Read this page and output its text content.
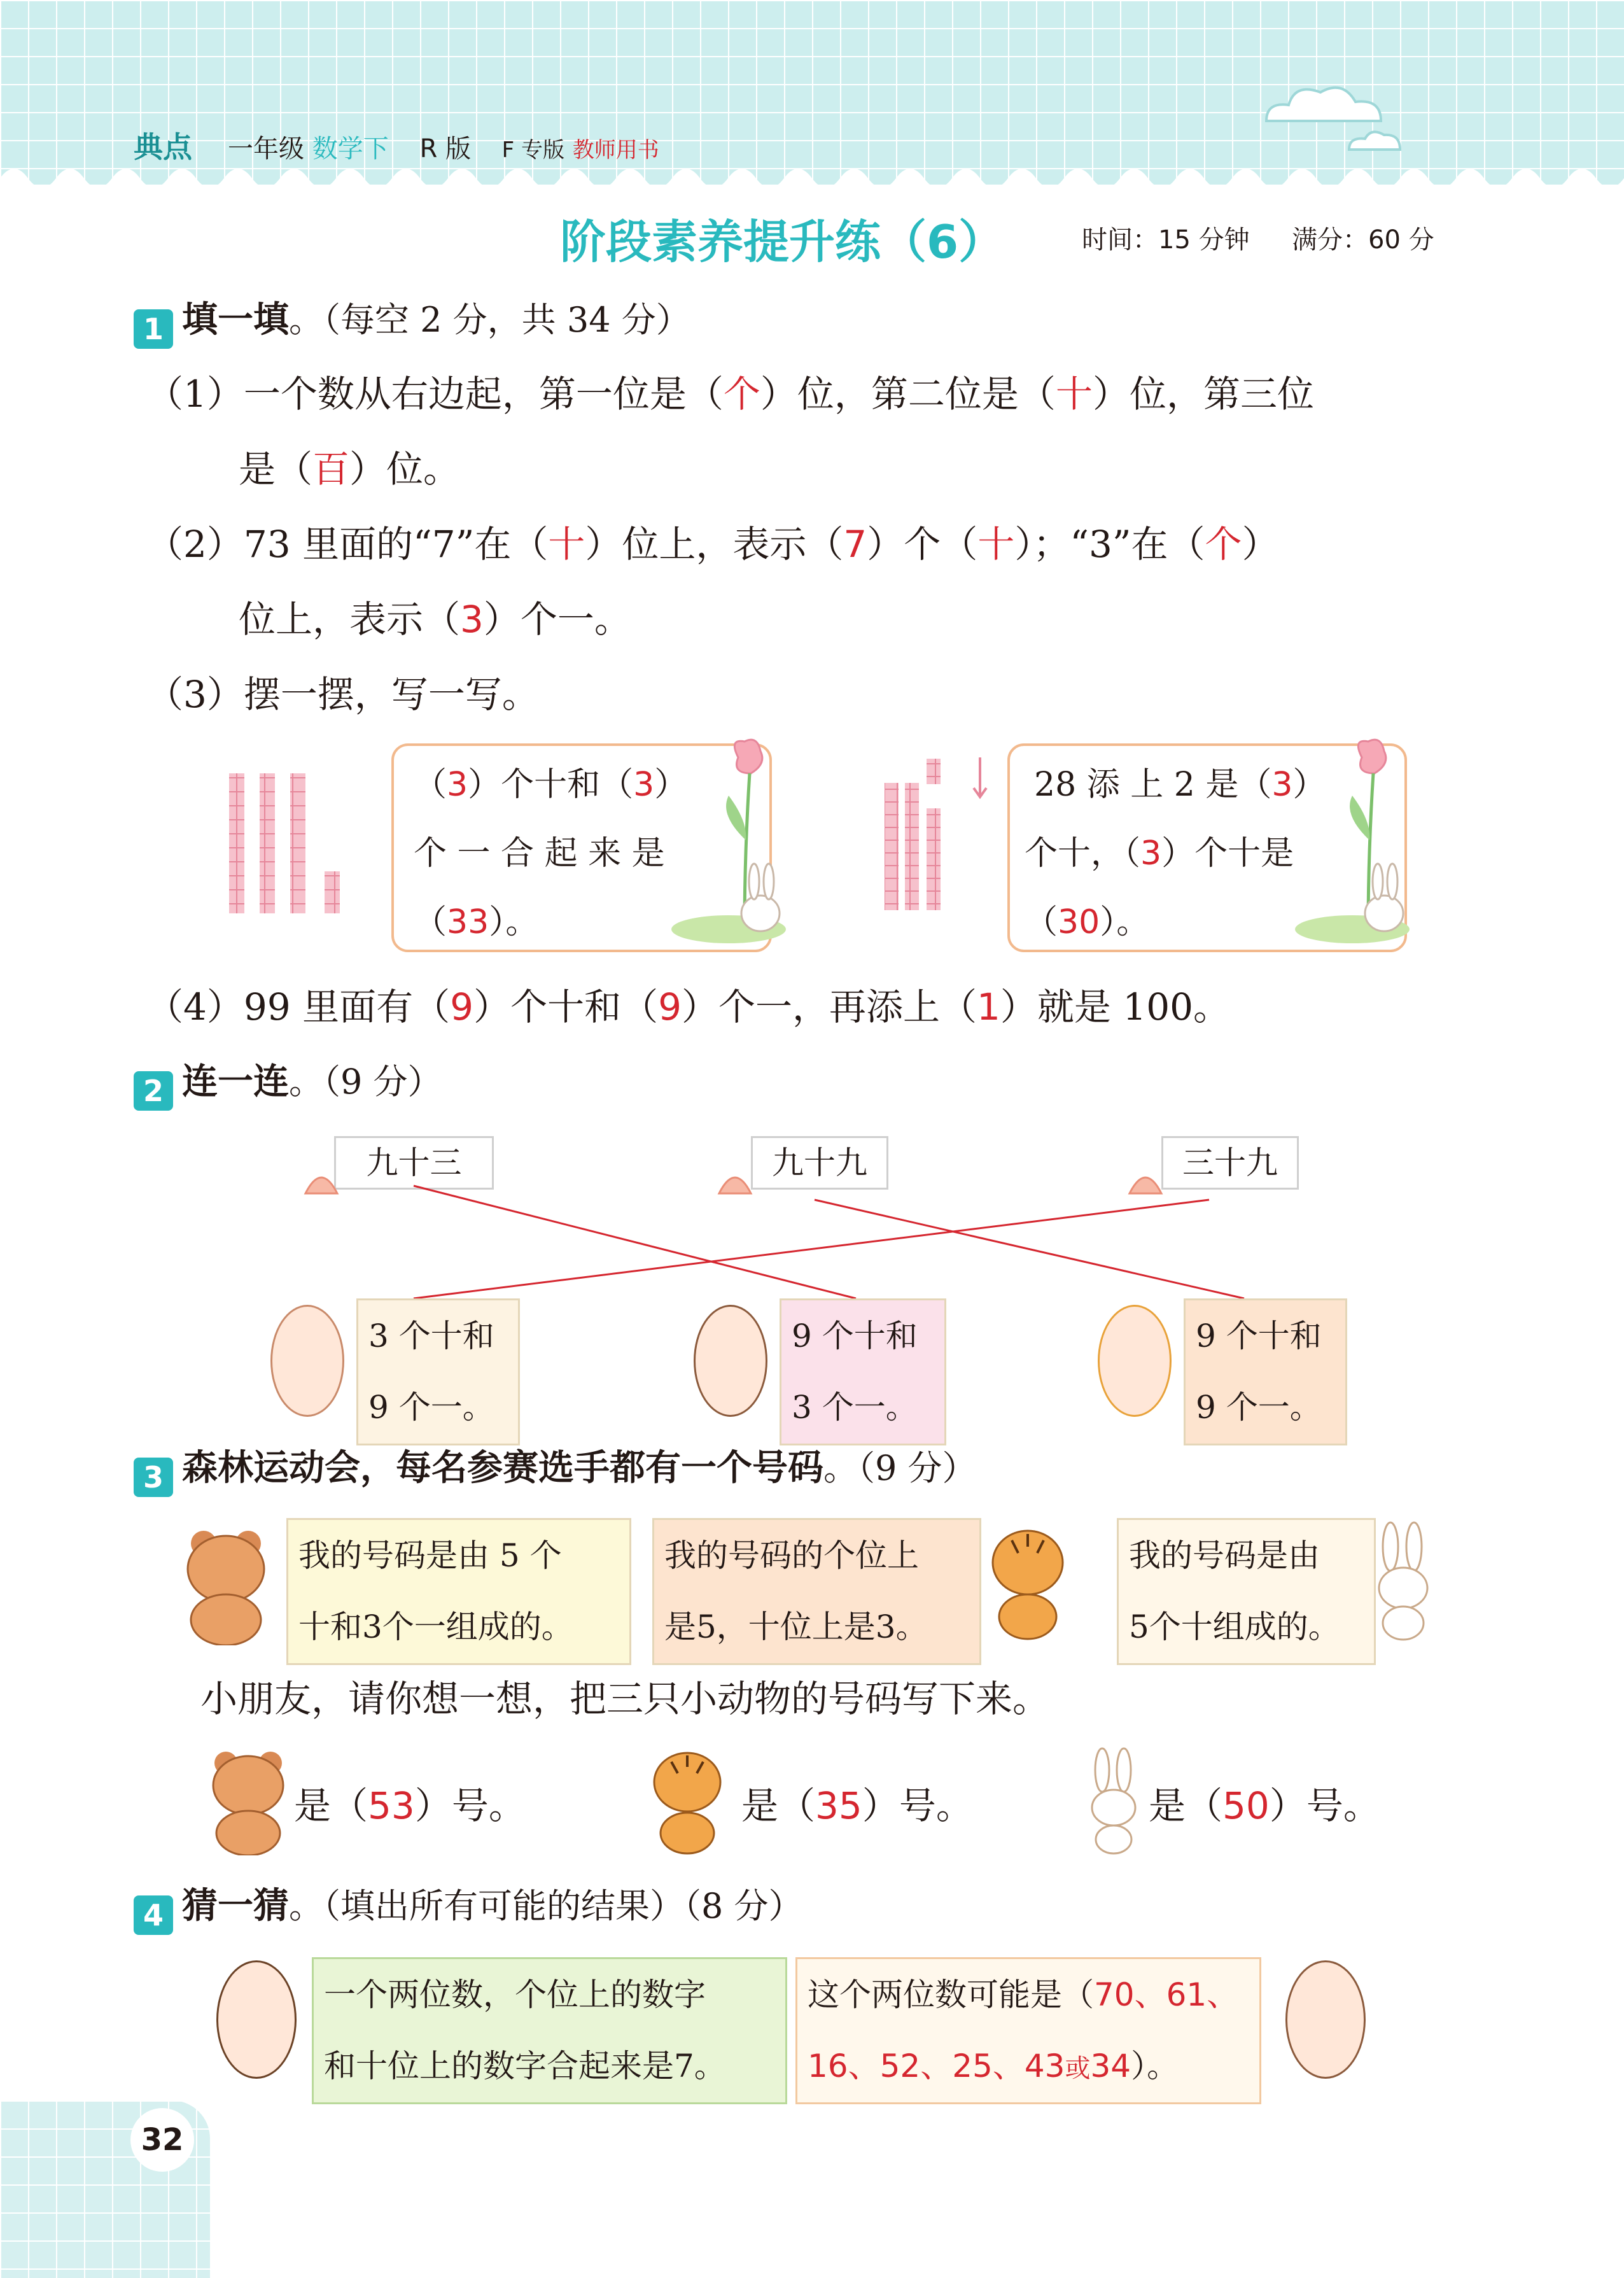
典点 一年级 数学下 R 版 F 专版 教师用书
阶段素养提升练（6）	时间：15 分钟 满分：60 分
1 填一填。（每空 2 分，共 34 分）
（1）一个数从右边起，第一位是（个）位，第二位是（十）位，第三位
是（百）位。
（2）73 里面的“7”在（十）位上，表示（7）个（十）；“3”在（个）
位上，表示（3）个一。
（3）摆一摆，写一写。
（3）个十和（3）
个 一 合 起 来 是
（33）。
28 添 上 2 是（3）
个十，（3）个十是
（30）。
（4）99 里面有（9）个十和（9）个一，再添上（1）就是 100。
2 连一连。（9 分）
九十三	九十九	三十九
3 个十和
9 个一。
9 个十和
3 个一。
9 个十和
9 个一。
3 森林运动会，每名参赛选手都有一个号码。（9 分）
我的号码是由 5 个
十和3个一组成的。
我的号码的个位上
是5，十位上是3。
我的号码是由
5个十组成的。
小朋友，请你想一想，把三只小动物的号码写下来。
是（53）号。	是（35）号。	是（50）号。
4 猜一猜。（填出所有可能的结果）（8 分）
一个两位数，个位上的数字
和十位上的数字合起来是7。
这个两位数可能是（70、61、
16、52、25、43或34）。
32
